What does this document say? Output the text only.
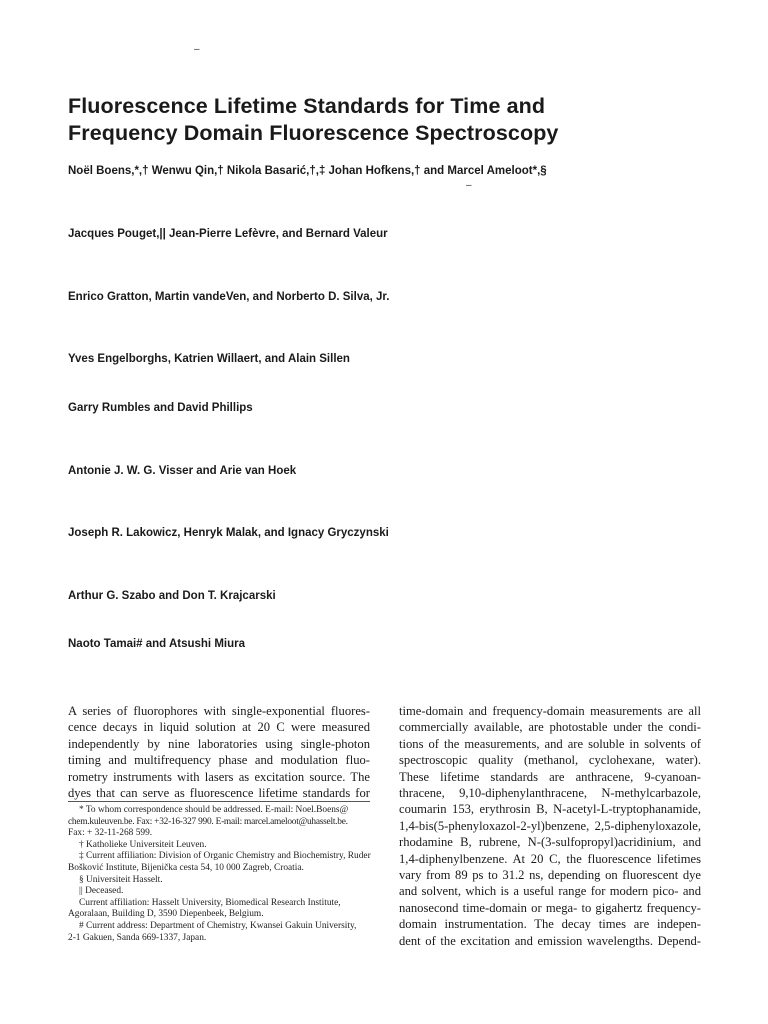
–
Fluorescence Lifetime Standards for Time and
Frequency Domain Fluorescence Spectroscopy

Noël Boens,*,† Wenwu Qin,† Nikola Basarić,†,‡ Johan Hofkens,† and Marcel Ameloot*,§

–

Jacques Pouget,|| Jean-Pierre Lefèvre, and Bernard Valeur

Enrico Gratton, Martin vandeVen, and Norberto D. Silva, Jr.

Yves Engelborghs, Katrien Willaert, and Alain Sillen

Garry Rumbles and David Phillips

Antonie J. W. G. Visser and Arie van Hoek

Joseph R. Lakowicz, Henryk Malak, and Ignacy Gryczynski

Arthur G. Szabo and Don T. Krajcarski

Naoto Tamai# and Atsushi Miura

A series of fluorophores with single-exponential fluores-
cence decays in liquid solution at 20 C were measured
independently by nine laboratories using single-photon
timing and multifrequency phase and modulation fluo-
rometry instruments with lasers as excitation source. The
dyes that can serve as fluorescence lifetime standards for
* To whom correspondence should be addressed. E-mail: Noel.Boens@
chem.kuleuven.be. Fax: +32-16-327 990. E-mail: marcel.ameloot@uhasselt.be.
Fax: + 32-11-268 599.
† Katholieke Universiteit Leuven.
‡ Current affiliation: Division of Organic Chemistry and Biochemistry, Ruder
Bošković Institute, Bijenička cesta 54, 10 000 Zagreb, Croatia.
§ Universiteit Hasselt.
|| Deceased.
Current affiliation: Hasselt University, Biomedical Research Institute,
Agoralaan, Building D, 3590 Diepenbeek, Belgium.
# Current address: Department of Chemistry, Kwansei Gakuin University,
2-1 Gakuen, Sanda 669-1337, Japan.
time-domain and frequency-domain measurements are all
commercially available, are photostable under the condi-
tions of the measurements, and are soluble in solvents of
spectroscopic quality (methanol, cyclohexane, water).
These lifetime standards are anthracene, 9-cyanoan-
thracene, 9,10-diphenylanthracene, N-methylcarbazole,
coumarin 153, erythrosin B, N-acetyl-L-tryptophanamide,
1,4-bis(5-phenyloxazol-2-yl)benzene, 2,5-diphenyloxazole,
rhodamine B, rubrene, N-(3-sulfopropyl)acridinium, and
1,4-diphenylbenzene. At 20 C, the fluorescence lifetimes
vary from 89 ps to 31.2 ns, depending on fluorescent dye
and solvent, which is a useful range for modern pico- and
nanosecond time-domain or mega- to gigahertz frequency-
domain instrumentation. The decay times are indepen-
dent of the excitation and emission wavelengths. Depend-
